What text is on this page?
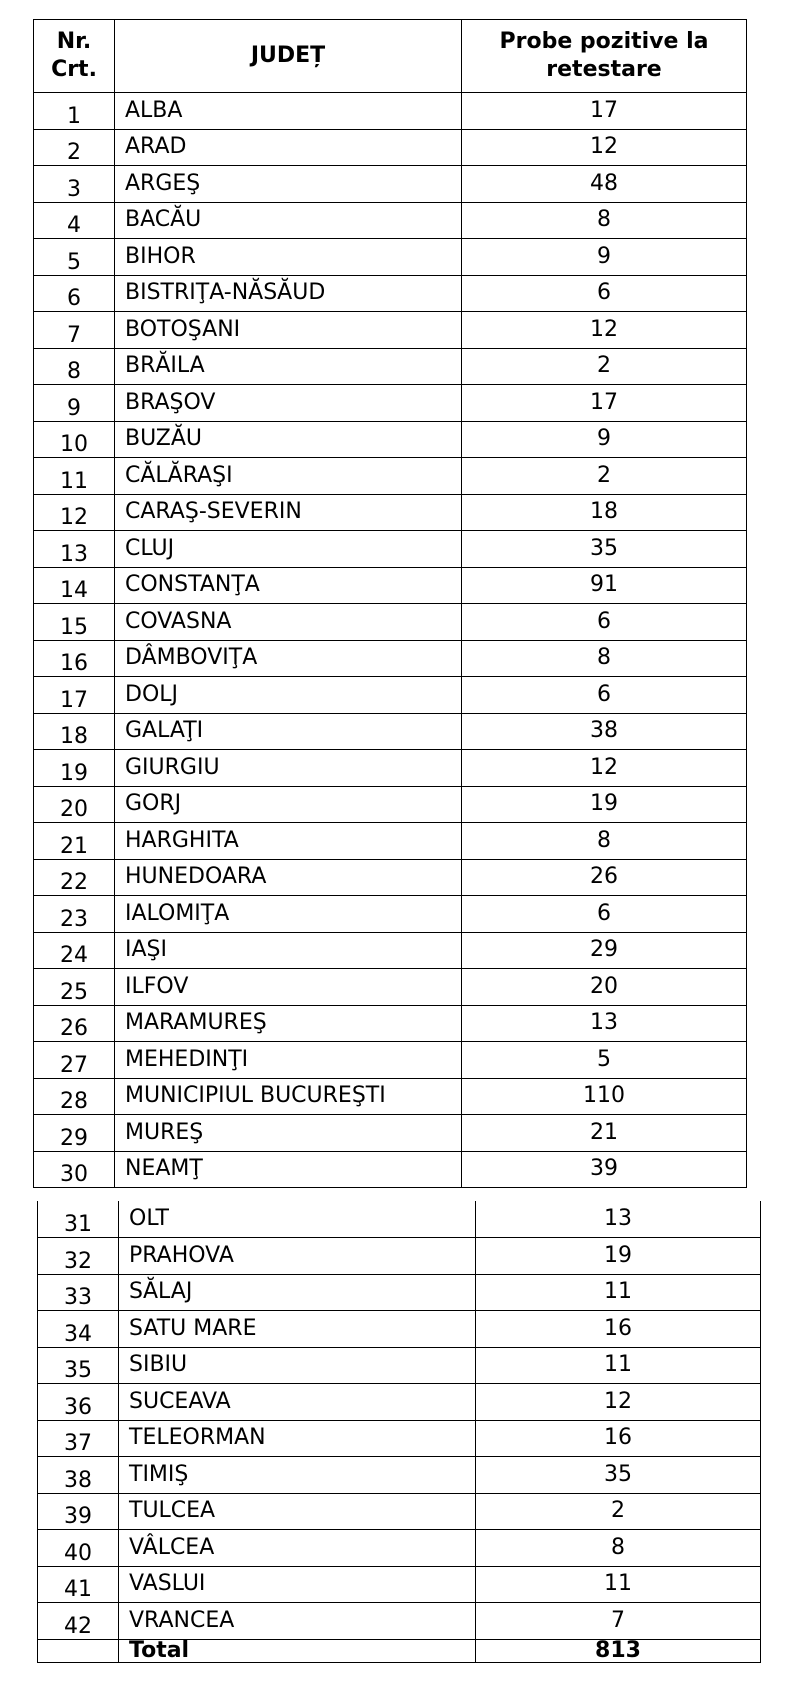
Nr. Crt.	JUDEȚ	Probe pozitive la retestare
1	ALBA	17
2	ARAD	12
3	ARGEŞ	48
4	BACĂU	8
5	BIHOR	9
6	BISTRIŢA-NĂSĂUD	6
7	BOTOŞANI	12
8	BRĂILA	2
9	BRAŞOV	17
10	BUZĂU	9
11	CĂLĂRAŞI	2
12	CARAŞ-SEVERIN	18
13	CLUJ	35
14	CONSTANŢA	91
15	COVASNA	6
16	DÂMBOVIŢA	8
17	DOLJ	6
18	GALAŢI	38
19	GIURGIU	12
20	GORJ	19
21	HARGHITA	8
22	HUNEDOARA	26
23	IALOMIŢA	6
24	IAŞI	29
25	ILFOV	20
26	MARAMUREŞ	13
27	MEHEDINŢI	5
28	MUNICIPIUL BUCUREŞTI	110
29	MUREŞ	21
30	NEAMŢ	39
31	OLT	13
32	PRAHOVA	19
33	SĂLAJ	11
34	SATU MARE	16
35	SIBIU	11
36	SUCEAVA	12
37	TELEORMAN	16
38	TIMIŞ	35
39	TULCEA	2
40	VÂLCEA	8
41	VASLUI	11
42	VRANCEA	7
	Total	813
